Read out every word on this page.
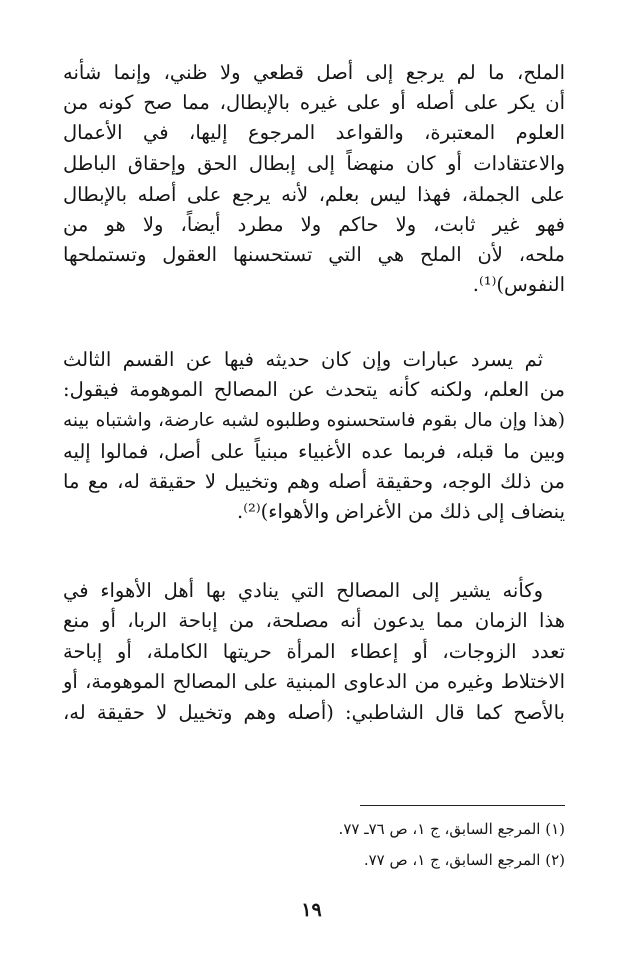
الملح، ما لم يرجع إلى أصل قطعي ولا ظني، وإنما شأنه
أن يكر على أصله أو على غيره بالإبطال، مما صح كونه من
العلوم المعتبرة، والقواعد المرجوع إليها، في الأعمال
والاعتقادات أو كان منهضاً إلى إبطال الحق وإحقاق الباطل
على الجملة، فهذا ليس بعلم، لأنه يرجع على أصله بالإبطال
فهو غير ثابت، ولا حاكم ولا مطرد أيضاً، ولا هو من
ملحه، لأن الملح هي التي تستحسنها العقول وتستملحها
النفوس)⁽¹⁾.
ثم يسرد عبارات وإن كان حديثه فيها عن القسم الثالث
من العلم، ولكنه كأنه يتحدث عن المصالح الموهومة فيقول:
(هذا وإن مال بقوم فاستحسنوه وطلبوه لشبه عارضة، واشتباه بينه
وبين ما قبله، فربما عده الأغبياء مبنياً على أصل، فمالوا إليه
من ذلك الوجه، وحقيقة أصله وهم وتخييل لا حقيقة له، مع ما
ينضاف إلى ذلك من الأغراض والأهواء)⁽²⁾.
وكأنه يشير إلى المصالح التي ينادي بها أهل الأهواء في
هذا الزمان مما يدعون أنه مصلحة، من إباحة الربا، أو منع
تعدد الزوجات، أو إعطاء المرأة حريتها الكاملة، أو إباحة
الاختلاط وغيره من الدعاوى المبنية على المصالح الموهومة، أو
بالأصح كما قال الشاطبي: (أصله وهم وتخييل لا حقيقة له،
(١) المرجع السابق، ج ١، ص ٧٦ـ ٧٧.
(٢) المرجع السابق، ج ١، ص ٧٧.
١٩
